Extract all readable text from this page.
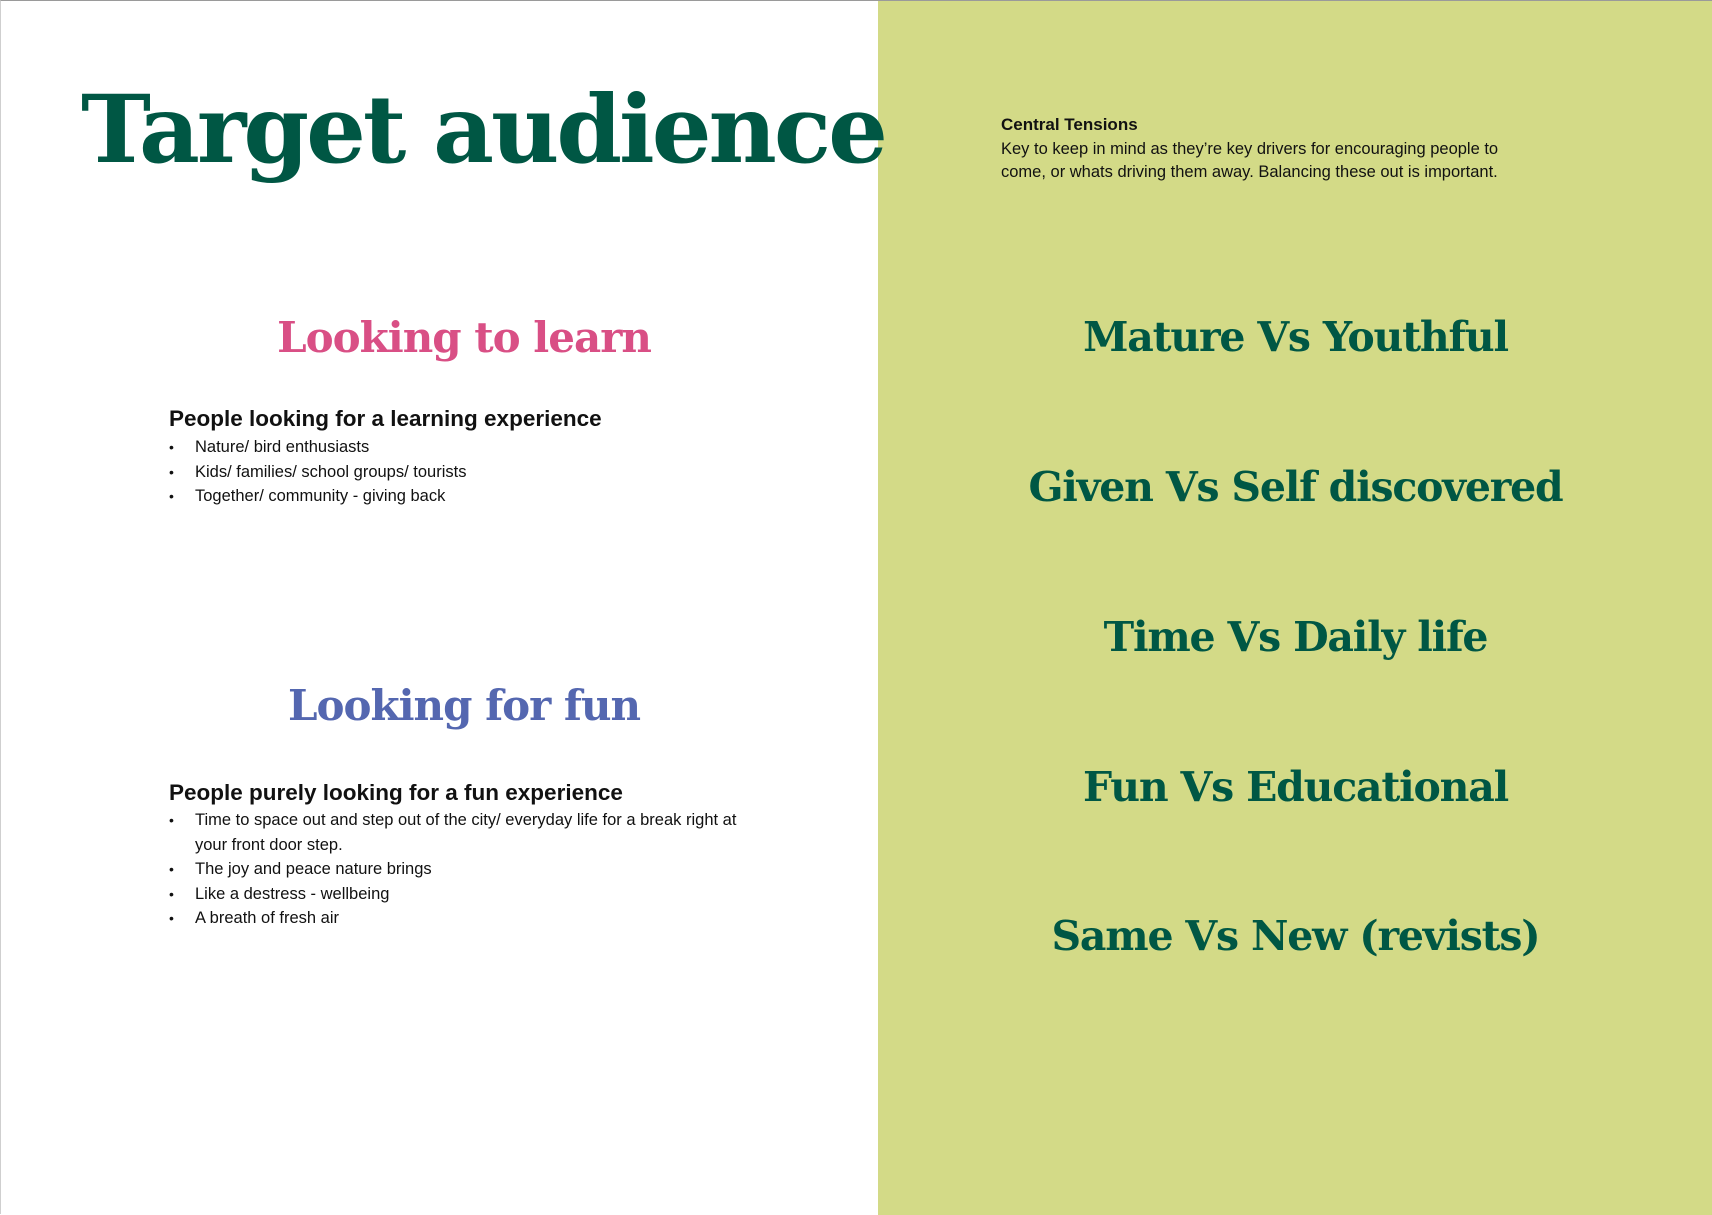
Target audience
Looking to learn

People looking for a learning experience

•	Nature/ bird enthusiasts
•	Kids/ families/ school groups/ tourists
•	Together/ community - giving back
Looking for fun

People purely looking for a fun experience

•	Time to space out and step out of the city/ everyday life for a break right at your front door step.
•	The joy and peace nature brings
•	Like a destress - wellbeing
•	A breath of fresh air

Central Tensions

Key to keep in mind as they’re key drivers for encouraging people to come, or whats driving them away. Balancing these out is important.

Mature Vs Youthful
Given Vs Self discovered
Time Vs Daily life
Fun Vs Educational
Same Vs New (revists)
